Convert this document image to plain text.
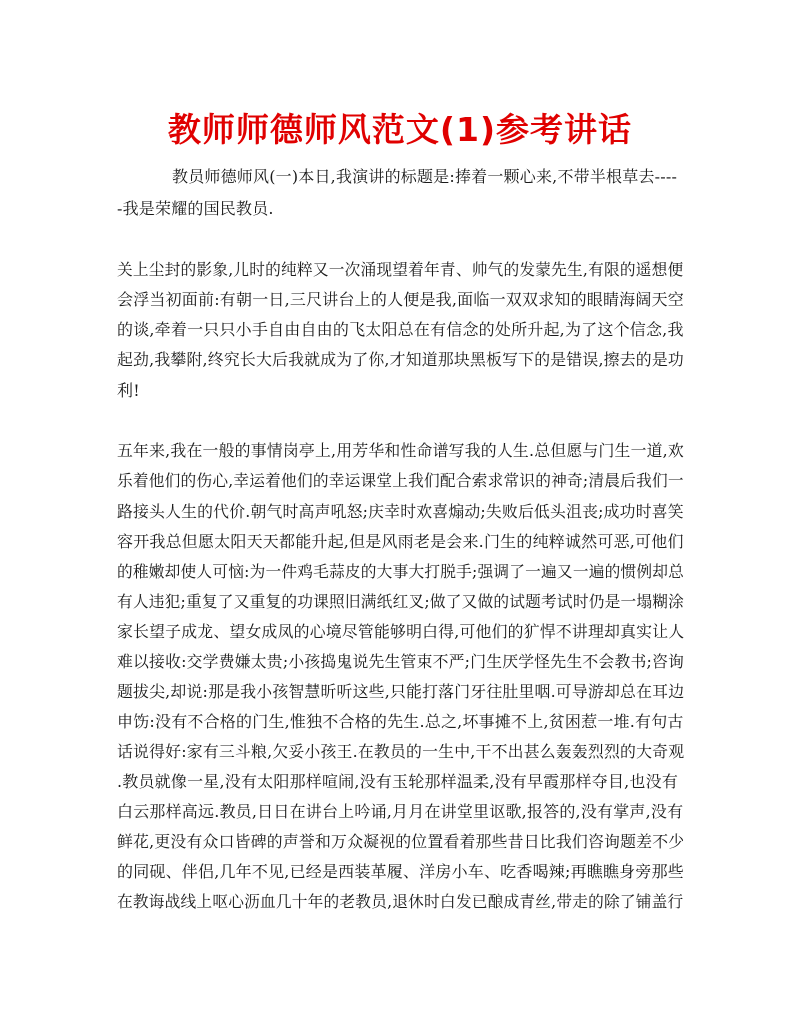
教师师德师风范文(1)参考讲话
教员师德师风(一)本日,我演讲的标题是:捧着一颗心来,不带半根草去----
-我是荣耀的国民教员.
关上尘封的影象,儿时的纯粹又一次涌现望着年青、帅气的发蒙先生,有限的遥想便
会浮当初面前:有朝一日,三尺讲台上的人便是我,面临一双双求知的眼睛海阔天空
的谈,牵着一只只小手自由自由的飞太阳总在有信念的处所升起,为了这个信念,我
起劲,我攀附,终究长大后我就成为了你,才知道那块黑板写下的是错误,擦去的是功
利!
五年来,我在一般的事情岗亭上,用芳华和性命谱写我的人生.总但愿与门生一道,欢
乐着他们的伤心,幸运着他们的幸运课堂上我们配合索求常识的神奇;清晨后我们一
路接头人生的代价.朝气时高声吼怒;庆幸时欢喜煽动;失败后低头沮丧;成功时喜笑
容开我总但愿太阳天天都能升起,但是风雨老是会来.门生的纯粹诚然可恶,可他们
的稚嫩却使人可恼:为一件鸡毛蒜皮的大事大打脱手;强调了一遍又一遍的惯例却总
有人违犯;重复了又重复的功课照旧满纸红叉;做了又做的试题考试时仍是一塌糊涂
家长望子成龙、望女成凤的心境尽管能够明白得,可他们的犷悍不讲理却真实让人
难以接收:交学费嫌太贵;小孩捣鬼说先生管束不严;门生厌学怪先生不会教书;咨询
题拔尖,却说:那是我小孩智慧昕听这些,只能打落门牙往肚里咽.可导游却总在耳边
申饬:没有不合格的门生,惟独不合格的先生.总之,坏事摊不上,贫困惹一堆.有句古
话说得好:家有三斗粮,欠妥小孩王.在教员的一生中,干不出甚么轰轰烈烈的大奇观
.教员就像一星,没有太阳那样喧闹,没有玉轮那样温柔,没有早霞那样夺目,也没有
白云那样高远.教员,日日在讲台上吟诵,月月在讲堂里讴歌,报答的,没有掌声,没有
鲜花,更没有众口皆碑的声誉和万众凝视的位置看着那些昔日比我们咨询题差不少
的同砚、伴侣,几年不见,已经是西装革履、洋房小车、吃香喝辣;再瞧瞧身旁那些
在教诲战线上呕心沥血几十年的老教员,退休时白发已酿成青丝,带走的除了铺盖行
